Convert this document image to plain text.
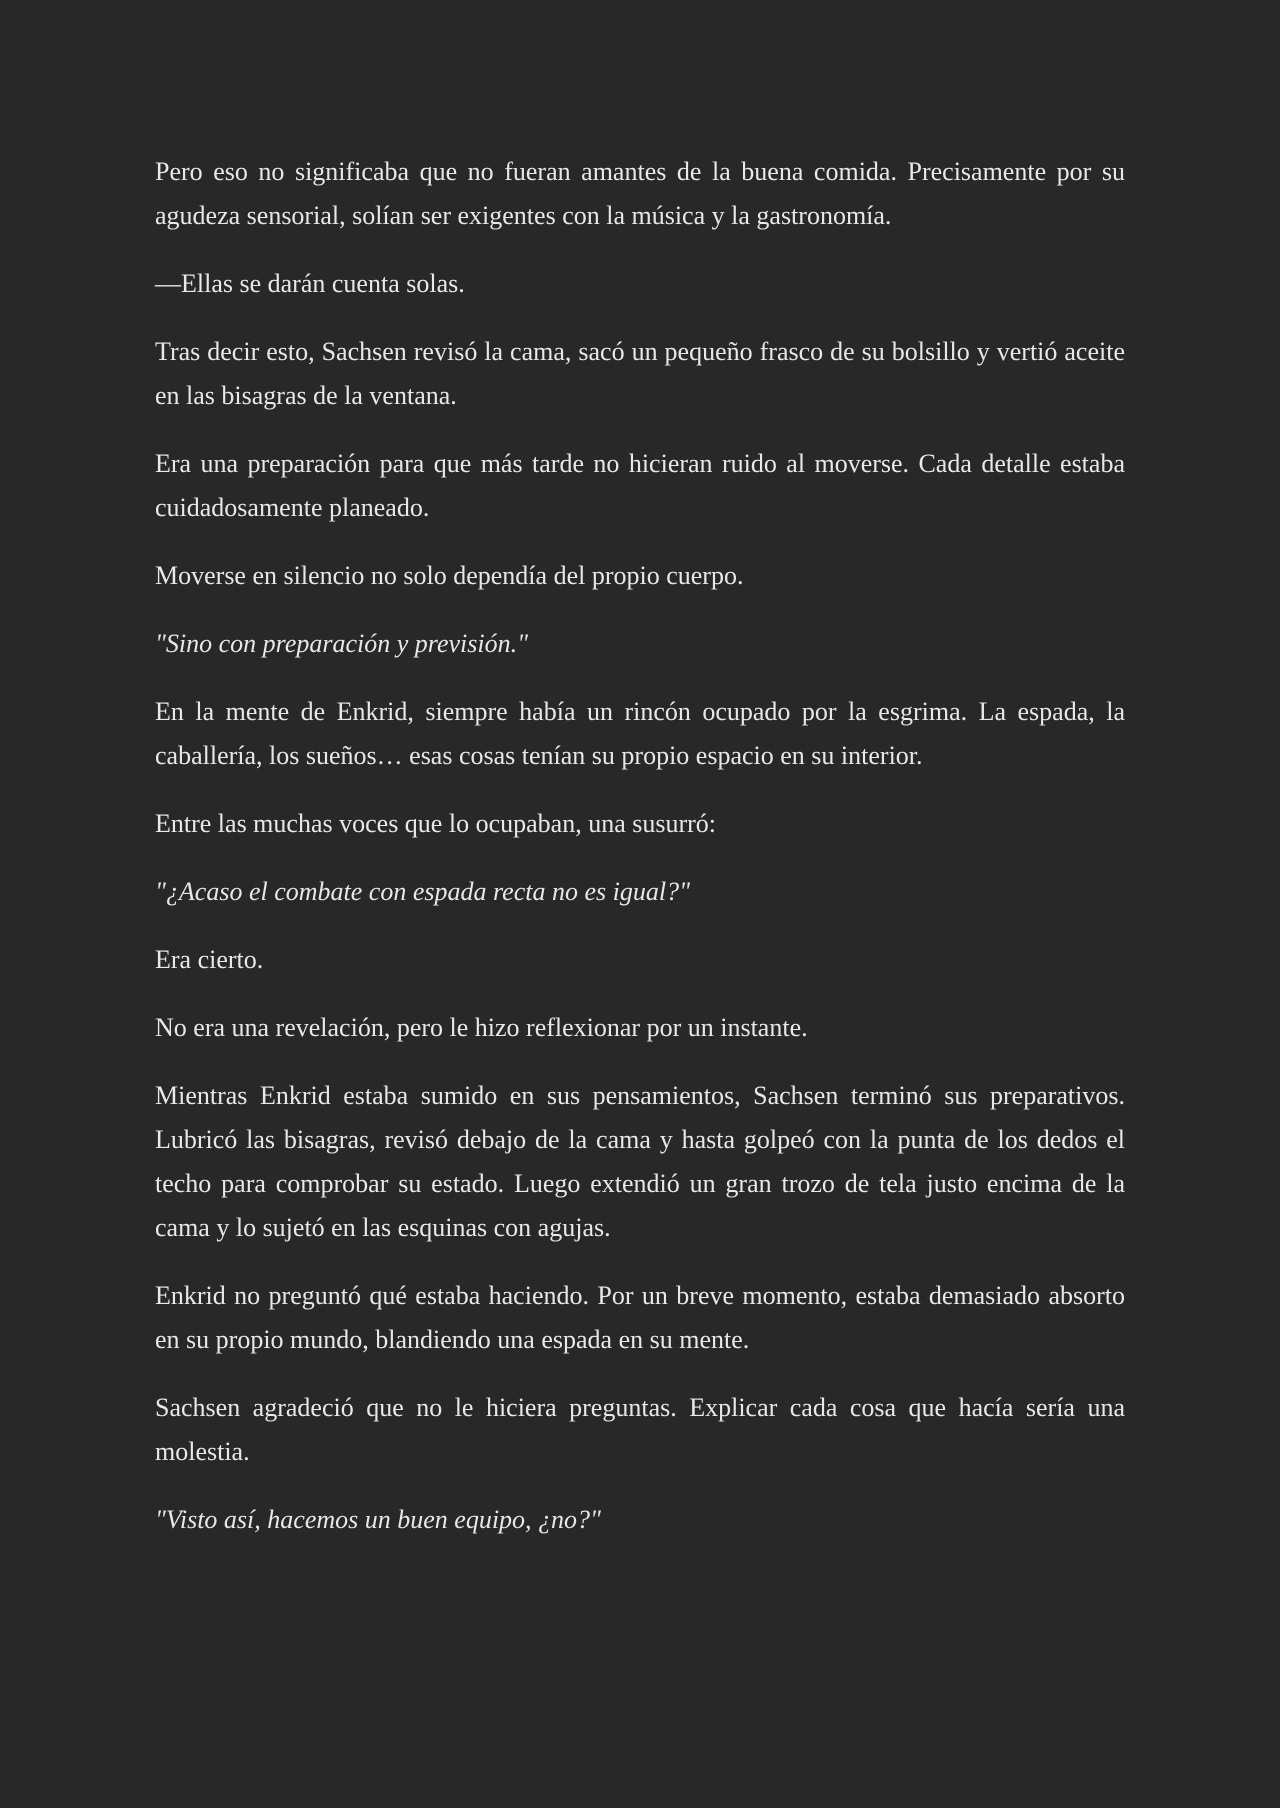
Pero eso no significaba que no fueran amantes de la buena comida. Precisamente por su agudeza sensorial, solían ser exigentes con la música y la gastronomía.

—Ellas se darán cuenta solas.

Tras decir esto, Sachsen revisó la cama, sacó un pequeño frasco de su bolsillo y vertió aceite en las bisagras de la ventana.

Era una preparación para que más tarde no hicieran ruido al moverse. Cada detalle estaba cuidadosamente planeado.

Moverse en silencio no solo dependía del propio cuerpo.

"Sino con preparación y previsión."

En la mente de Enkrid, siempre había un rincón ocupado por la esgrima. La espada, la caballería, los sueños… esas cosas tenían su propio espacio en su interior.

Entre las muchas voces que lo ocupaban, una susurró:

"¿Acaso el combate con espada recta no es igual?"

Era cierto.

No era una revelación, pero le hizo reflexionar por un instante.

Mientras Enkrid estaba sumido en sus pensamientos, Sachsen terminó sus preparativos. Lubricó las bisagras, revisó debajo de la cama y hasta golpeó con la punta de los dedos el techo para comprobar su estado. Luego extendió un gran trozo de tela justo encima de la cama y lo sujetó en las esquinas con agujas.

Enkrid no preguntó qué estaba haciendo. Por un breve momento, estaba demasiado absorto en su propio mundo, blandiendo una espada en su mente.

Sachsen agradeció que no le hiciera preguntas. Explicar cada cosa que hacía sería una molestia.

"Visto así, hacemos un buen equipo, ¿no?"
